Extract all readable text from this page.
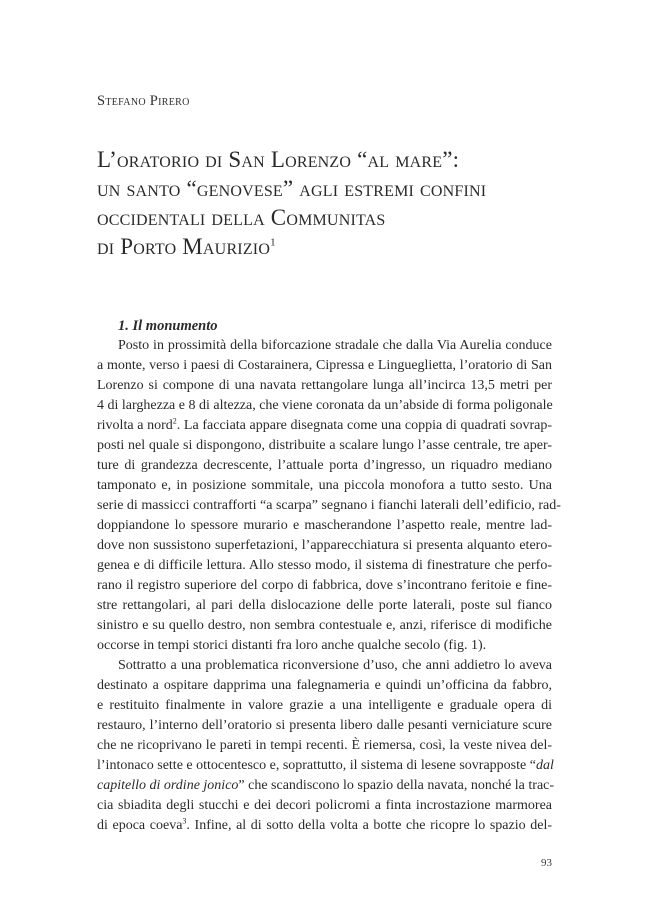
Stefano Pirero

L’oratorio di San Lorenzo “al mare”:
un santo “genovese” agli estremi confini
occidentali della Communitas
di Porto Maurizio$^1$
1. Il monumento

Posto in prossimità della biforcazione stradale che dalla Via Aurelia conduce
a monte, verso i paesi di Costarainera, Cipressa e Lingueglietta, l’oratorio di San
Lorenzo si compone di una navata rettangolare lunga all’incirca 13,5 metri per
4 di larghezza e 8 di altezza, che viene coronata da un’abside di forma poligonale
rivolta a nord$^2$. La facciata appare disegnata come una coppia di quadrati sovrap-
posti nel quale si dispongono, distribuite a scalare lungo l’asse centrale, tre aper-
ture di grandezza decrescente, l’attuale porta d’ingresso, un riquadro mediano
tamponato e, in posizione sommitale, una piccola monofora a tutto sesto. Una
serie di massicci contrafforti “a scarpa” segnano i fianchi laterali dell’edificio, rad-
doppiandone lo spessore murario e mascherandone l’aspetto reale, mentre lad-
dove non sussistono superfetazioni, l’apparecchiatura si presenta alquanto etero-
genea e di difficile lettura. Allo stesso modo, il sistema di finestrature che perfo-
rano il registro superiore del corpo di fabbrica, dove s’incontrano feritoie e fine-
stre rettangolari, al pari della dislocazione delle porte laterali, poste sul fianco
sinistro e su quello destro, non sembra contestuale e, anzi, riferisce di modifiche
occorse in tempi storici distanti fra loro anche qualche secolo (fig. 1).

Sottratto a una problematica riconversione d’uso, che anni addietro lo aveva
destinato a ospitare dapprima una falegnameria e quindi un’officina da fabbro,
e restituito finalmente in valore grazie a una intelligente e graduale opera di
restauro, l’interno dell’oratorio si presenta libero dalle pesanti verniciature scure
che ne ricoprivano le pareti in tempi recenti. È riemersa, così, la veste nivea del-
l’intonaco sette e ottocentesco e, soprattutto, il sistema di lesene sovrapposte “dal
capitello di ordine jonico” che scandiscono lo spazio della navata, nonché la trac-
cia sbiadita degli stucchi e dei decori policromi a finta incrostazione marmorea
di epoca coeva$^3$. Infine, al di sotto della volta a botte che ricopre lo spazio del-

93
